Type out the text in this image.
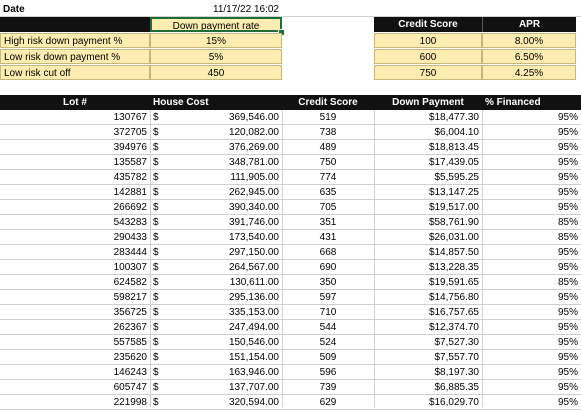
Date	11/17/22 16:02
Down payment rate	Credit Score	APR
High risk down payment %	15%	100	8.00%
Low risk down payment %	5%	600	6.50%
Low risk cut off	450	750	4.25%
Lot #	House Cost	Credit Score	Down Payment	% Financed
130767 $	369,546.00	519	$18,477.30	95%
372705 $	120,082.00	738	$6,004.10	95%
394976 $	376,269.00	489	$18,813.45	95%
135587 $	348,781.00	750	$17,439.05	95%
435782 $	111,905.00	774	$5,595.25	95%
142881 $	262,945.00	635	$13,147.25	95%
266692 $	390,340.00	705	$19,517.00	95%
543283 $	391,746.00	351	$58,761.90	85%
290433 $	173,540.00	431	$26,031.00	85%
283444 $	297,150.00	668	$14,857.50	95%
100307 $	264,567.00	690	$13,228.35	95%
624582 $	130,611.00	350	$19,591.65	85%
598217 $	295,136.00	597	$14,756.80	95%
356725 $	335,153.00	710	$16,757.65	95%
262367 $	247,494.00	544	$12,374.70	95%
557585 $	150,546.00	524	$7,527.30	95%
235620 $	151,154.00	509	$7,557.70	95%
146243 $	163,946.00	596	$8,197.30	95%
605747 $	137,707.00	739	$6,885.35	95%
221998 $	320,594.00	629	$16,029.70	95%
